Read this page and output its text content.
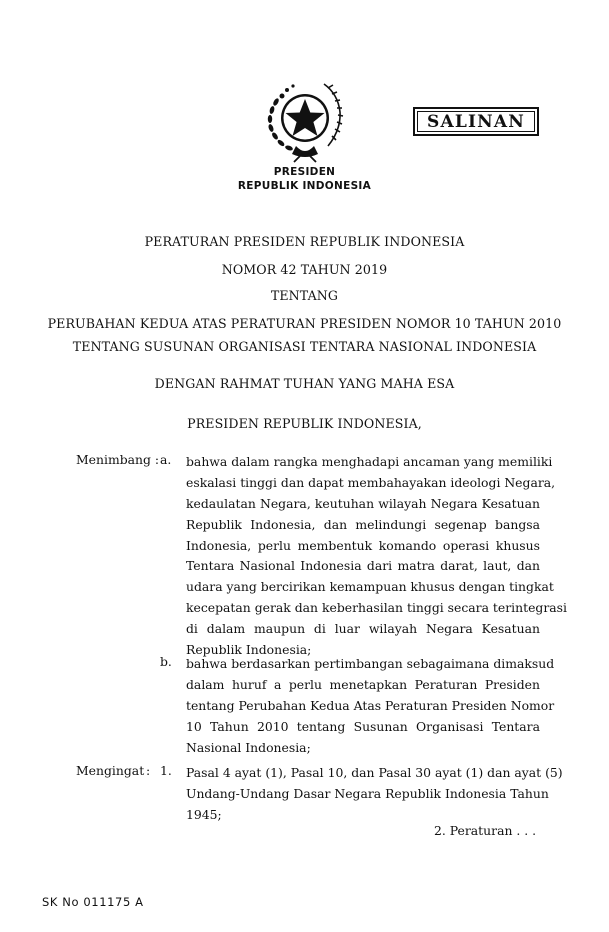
SALINAN
PRESIDEN
REPUBLIK INDONESIA
PERATURAN PRESIDEN REPUBLIK INDONESIA
NOMOR 42 TAHUN 2019
TENTANG
PERUBAHAN KEDUA ATAS PERATURAN PRESIDEN NOMOR 10 TAHUN 2010
TENTANG SUSUNAN ORGANISASI TENTARA NASIONAL INDONESIA
DENGAN RAHMAT TUHAN YANG MAHA ESA
PRESIDEN REPUBLIK INDONESIA,
Menimbang : a. bahwa dalam rangka menghadapi ancaman yang memiliki
eskalasi tinggi dan dapat membahayakan ideologi Negara,
kedaulatan Negara, keutuhan wilayah Negara Kesatuan
Republik Indonesia, dan melindungi segenap bangsa
Indonesia, perlu membentuk komando operasi khusus
Tentara Nasional Indonesia dari matra darat, laut, dan
udara yang bercirikan kemampuan khusus dengan tingkat
kecepatan gerak dan keberhasilan tinggi secara terintegrasi
di dalam maupun di luar wilayah Negara Kesatuan
Republik Indonesia;
b. bahwa berdasarkan pertimbangan sebagaimana dimaksud
dalam huruf a perlu menetapkan Peraturan Presiden
tentang Perubahan Kedua Atas Peraturan Presiden Nomor
10 Tahun 2010 tentang Susunan Organisasi Tentara
Nasional Indonesia;
Mengingat : 1. Pasal 4 ayat (1), Pasal 10, dan Pasal 30 ayat (1) dan ayat (5)
Undang-Undang Dasar Negara Republik Indonesia Tahun
1945;
2. Peraturan . . .
SK No 011175 A
